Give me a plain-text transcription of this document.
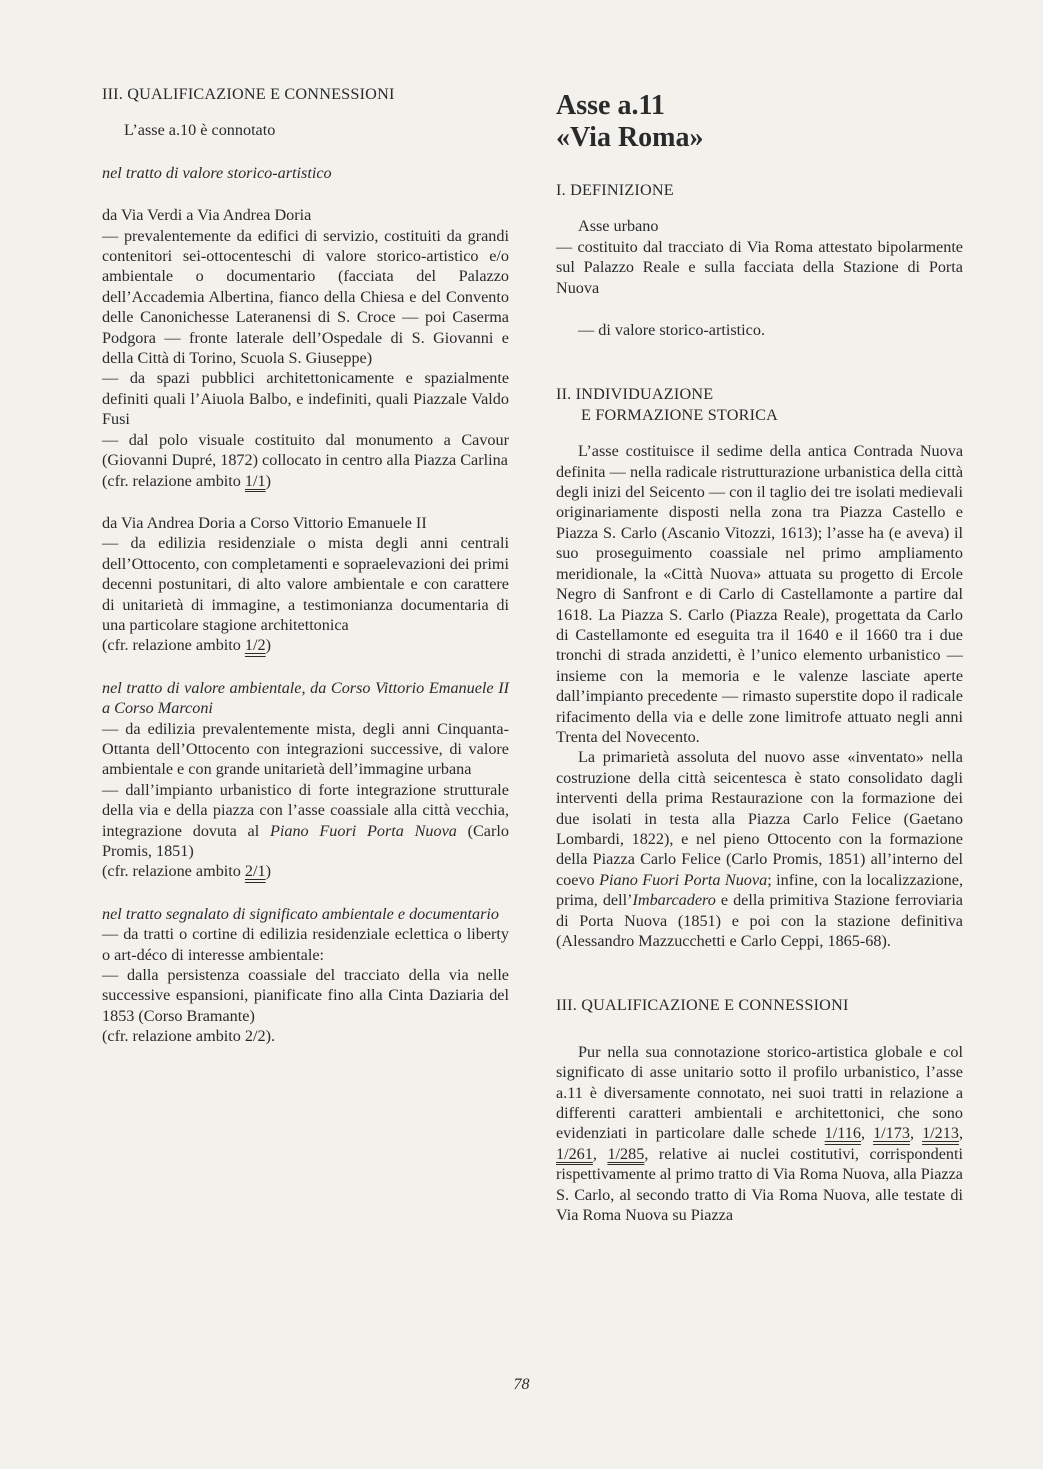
III. QUALIFICAZIONE E CONNESSIONI

L’asse a.10 è connotato

nel tratto di valore storico-artistico

da Via Verdi a Via Andrea Doria

— prevalentemente da edifici di servizio, costituiti da grandi contenitori sei-ottocenteschi di valore storico-artistico e/o ambientale o documentario (facciata del Palazzo dell’Accademia Albertina, fianco della Chiesa e del Convento delle Canonichesse Lateranensi di S. Croce — poi Caserma Podgora — fronte laterale dell’Ospedale di S. Giovanni e della Città di Torino, Scuola S. Giuseppe)

— da spazi pubblici architettonicamente e spazialmente definiti quali l’Aiuola Balbo, e indefiniti, quali Piazzale Valdo Fusi

— dal polo visuale costituito dal monumento a Cavour (Giovanni Dupré, 1872) collocato in centro alla Piazza Carlina

(cfr. relazione ambito 1/1)

da Via Andrea Doria a Corso Vittorio Emanuele II

— da edilizia residenziale o mista degli anni centrali dell’Ottocento, con completamenti e sopraelevazioni dei primi decenni postunitari, di alto valore ambientale e con carattere di unitarietà di immagine, a testimonianza documentaria di una particolare stagione architettonica

(cfr. relazione ambito 1/2)

nel tratto di valore ambientale, da Corso Vittorio Emanuele II a Corso Marconi

— da edilizia prevalentemente mista, degli anni Cinquanta-Ottanta dell’Ottocento con integrazioni successive, di valore ambientale e con grande unitarietà dell’immagine urbana

— dall’impianto urbanistico di forte integrazione strutturale della via e della piazza con l’asse coassiale alla città vecchia, integrazione dovuta al Piano Fuori Porta Nuova (Carlo Promis, 1851)

(cfr. relazione ambito 2/1)

nel tratto segnalato di significato ambientale e documentario

— da tratti o cortine di edilizia residenziale eclettica o liberty o art-déco di interesse ambientale:

— dalla persistenza coassiale del tracciato della via nelle successive espansioni, pianificate fino alla Cinta Daziaria del 1853 (Corso Bramante)

(cfr. relazione ambito 2/2).

Asse a.11
«Via Roma»

I. DEFINIZIONE

Asse urbano

— costituito dal tracciato di Via Roma attestato bipolarmente sul Palazzo Reale e sulla facciata della Stazione di Porta Nuova

— di valore storico-artistico.

II. INDIVIDUAZIONE
E FORMAZIONE STORICA

L’asse costituisce il sedime della antica Contrada Nuova definita — nella radicale ristrutturazione urbanistica della città degli inizi del Seicento — con il taglio dei tre isolati medievali originariamente disposti nella zona tra Piazza Castello e Piazza S. Carlo (Ascanio Vitozzi, 1613); l’asse ha (e aveva) il suo proseguimento coassiale nel primo ampliamento meridionale, la «Città Nuova» attuata su progetto di Ercole Negro di Sanfront e di Carlo di Castellamonte a partire dal 1618. La Piazza S. Carlo (Piazza Reale), progettata da Carlo di Castellamonte ed eseguita tra il 1640 e il 1660 tra i due tronchi di strada anzidetti, è l’unico elemento urbanistico — insieme con la memoria e le valenze lasciate aperte dall’impianto precedente — rimasto superstite dopo il radicale rifacimento della via e delle zone limitrofe attuato negli anni Trenta del Novecento.

La primarietà assoluta del nuovo asse «inventato» nella costruzione della città seicentesca è stato consolidato dagli interventi della prima Restaurazione con la formazione dei due isolati in testa alla Piazza Carlo Felice (Gaetano Lombardi, 1822), e nel pieno Ottocento con la formazione della Piazza Carlo Felice (Carlo Promis, 1851) all’interno del coevo Piano Fuori Porta Nuova; infine, con la localizzazione, prima, dell’Imbarcadero e della primitiva Stazione ferroviaria di Porta Nuova (1851) e poi con la stazione definitiva (Alessandro Mazzucchetti e Carlo Ceppi, 1865-68).

III. QUALIFICAZIONE E CONNESSIONI

Pur nella sua connotazione storico-artistica globale e col significato di asse unitario sotto il profilo urbanistico, l’asse a.11 è diversamente connotato, nei suoi tratti in relazione a differenti caratteri ambientali e architettonici, che sono evidenziati in particolare dalle schede 1/116, 1/173, 1/213, 1/261, 1/285, relative ai nuclei costitutivi, corrispondenti rispettivamente al primo tratto di Via Roma Nuova, alla Piazza S. Carlo, al secondo tratto di Via Roma Nuova, alle testate di Via Roma Nuova su Piazza

78
